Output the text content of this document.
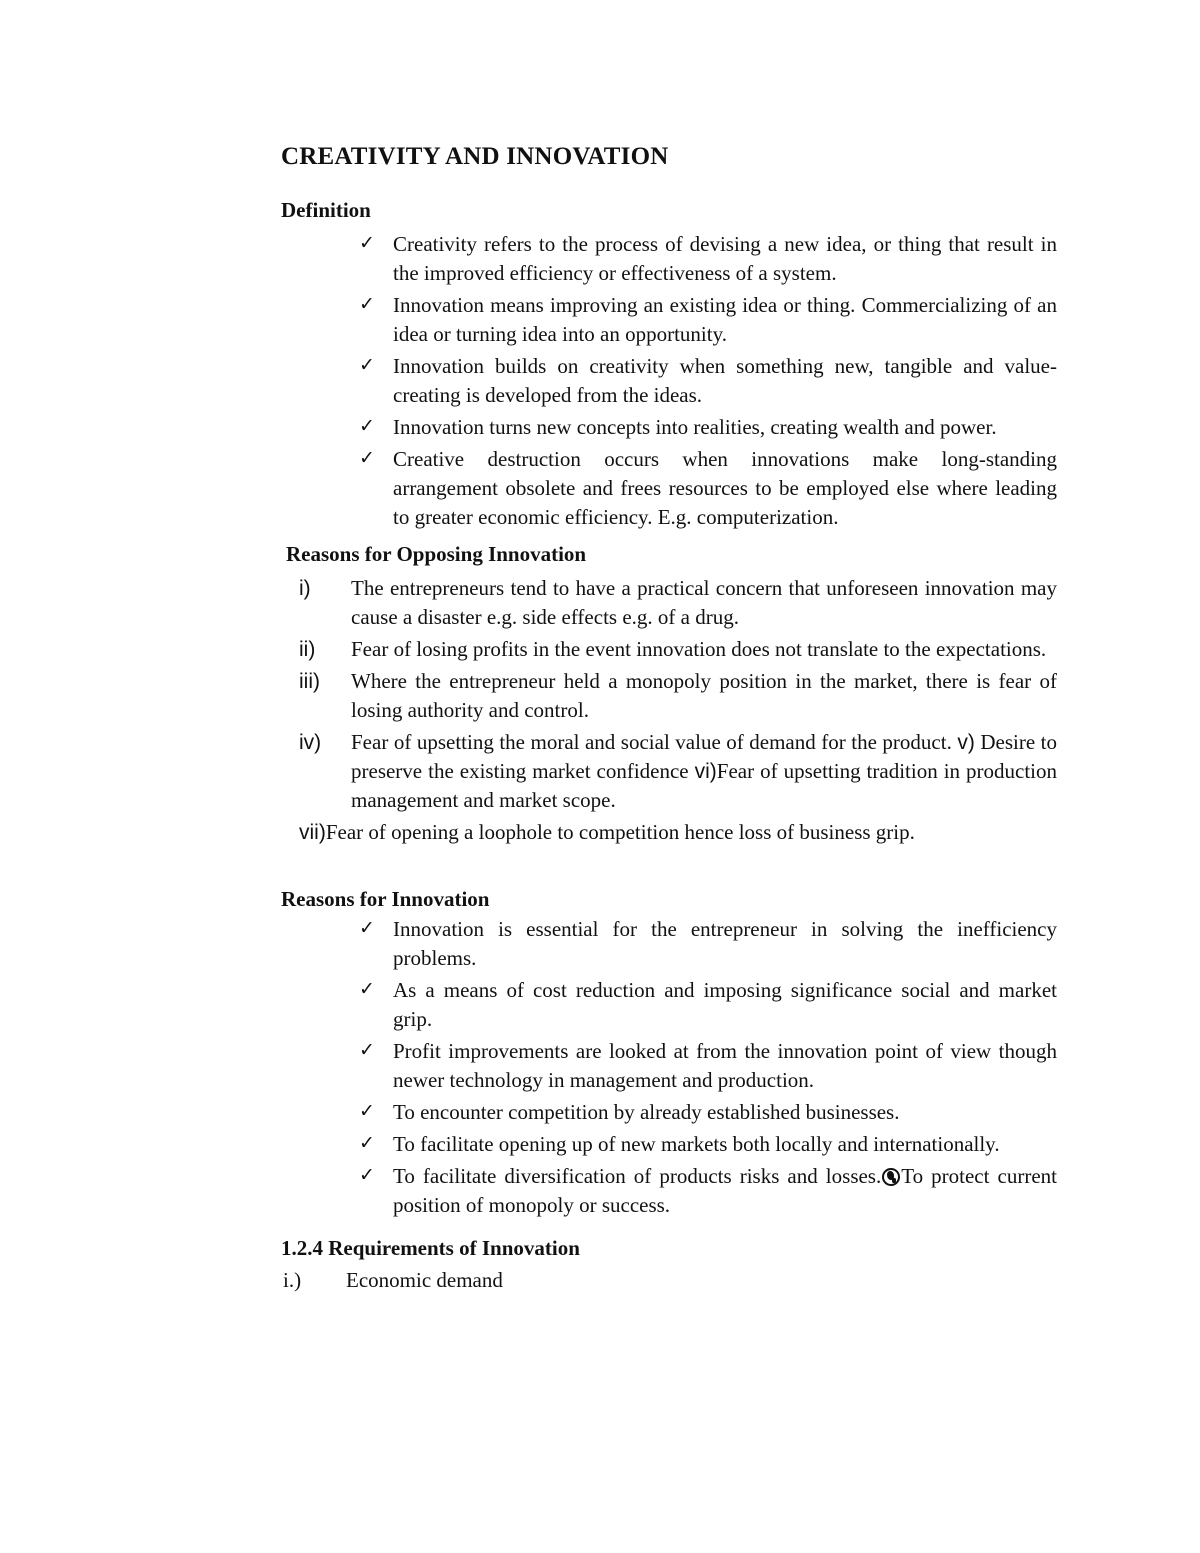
CREATIVITY AND INNOVATION
Definition
✓ Creativity refers to the process of devising a new idea, or thing that result in the improved efficiency or effectiveness of a system.
✓ Innovation means improving an existing idea or thing. Commercializing of an idea or turning idea into an opportunity.
✓ Innovation builds on creativity when something new, tangible and value-creating is developed from the ideas.
✓ Innovation turns new concepts into realities, creating wealth and power.
✓ Creative destruction occurs when innovations make long-standing arrangement obsolete and frees resources to be employed else where leading to greater economic efficiency. E.g. computerization.
Reasons for Opposing Innovation
i) The entrepreneurs tend to have a practical concern that unforeseen innovation may cause a disaster e.g. side effects e.g. of a drug.
ii) Fear of losing profits in the event innovation does not translate to the expectations.
iii) Where the entrepreneur held a monopoly position in the market, there is fear of losing authority and control.
iv) Fear of upsetting the moral and social value of demand for the product. v) Desire to preserve the existing market confidence vi)Fear of upsetting tradition in production management and market scope.
vii)Fear of opening a loophole to competition hence loss of business grip.
Reasons for Innovation
✓ Innovation is essential for the entrepreneur in solving the inefficiency problems.
✓ As a means of cost reduction and imposing significance social and market grip.
✓ Profit improvements are looked at from the innovation point of view though newer technology in management and production.
✓ To encounter competition by already established businesses.
✓ To facilitate opening up of new markets both locally and internationally.
✓ To facilitate diversification of products risks and losses. To protect current position of monopoly or success.
1.2.4 Requirements of Innovation
i.) Economic demand
